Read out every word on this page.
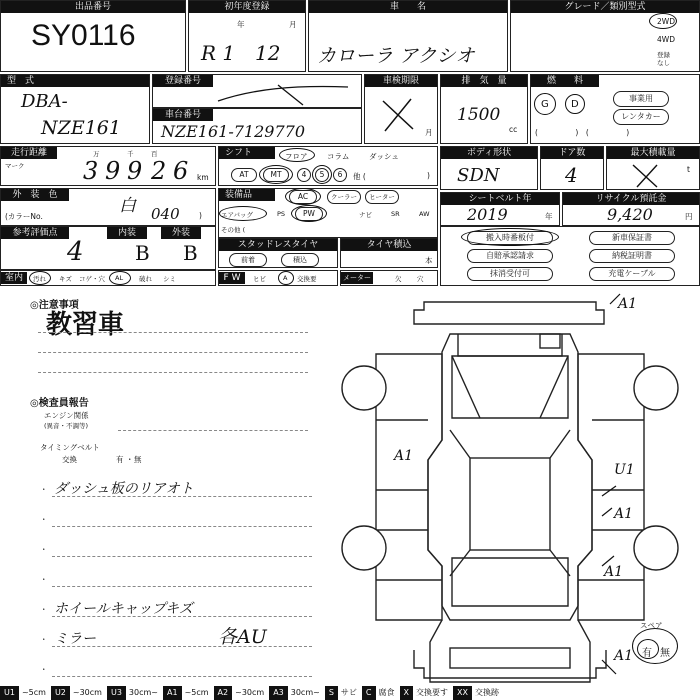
出品番号
SY0116
初年度登録
年	月
R 1 12
車　　名
カローラ アクシオ
グレード／類別型式
2WD
4WD
登録
なし
型　式
DBA-
NZE161
登録番号
車台番号
NZE161-7129770
車検期限
月
排　気　量
1500
cc
燃　　料
G D
事業用
レンタカー
(　　　　　)　(　　　　　)
走行距離
マーク
万	千	百
3 9 9 2 6 km
シフト	フロア	コラム	ダッシュ
AT	MT	4	5	6	他 (	)
ボディ形状
SDN
ドア数
4
最大積載量
t
外　装　色
白
(カラーNo.	040	)
装備品	AC	クーラー	ヒーター
エアバッグ	PS	PW	ナビ	SR	AW
その他 (
シートベルト年
2019	年
リサイクル預託金
9,420	円
参考評価点	内装	外装
4	B B	スタッドレスタイヤ
前着	積込
タイヤ積込
本
搬入時番板付	新車保証書
自賠承認請求	納税証明書
抹消受付可	充電ケーブル
室内	汚れ キズ コゲ・穴 AL 破れ シミ	F W	ヒビ	A 交換要	メーター	欠 穴
◎注意事項
教習車
◎検査員報告
エンジン関係
(異音・不調等)
タイミングベルト
交換	有 ・ 無
ダッシュ板のリアオト
ホイールキャップキズ
ミラー	各AU
・
・
・
・
・
・
・
A1
A1
U1
A1
A1
A1
スペア
有 無
U1 ~5cm	U2 ~30cm	U3 30cm~	A1 ~5cm	A2 ~30cm	A3 30cm~	S サビ	C 腐食	X 交換要す	XX 交換跡
